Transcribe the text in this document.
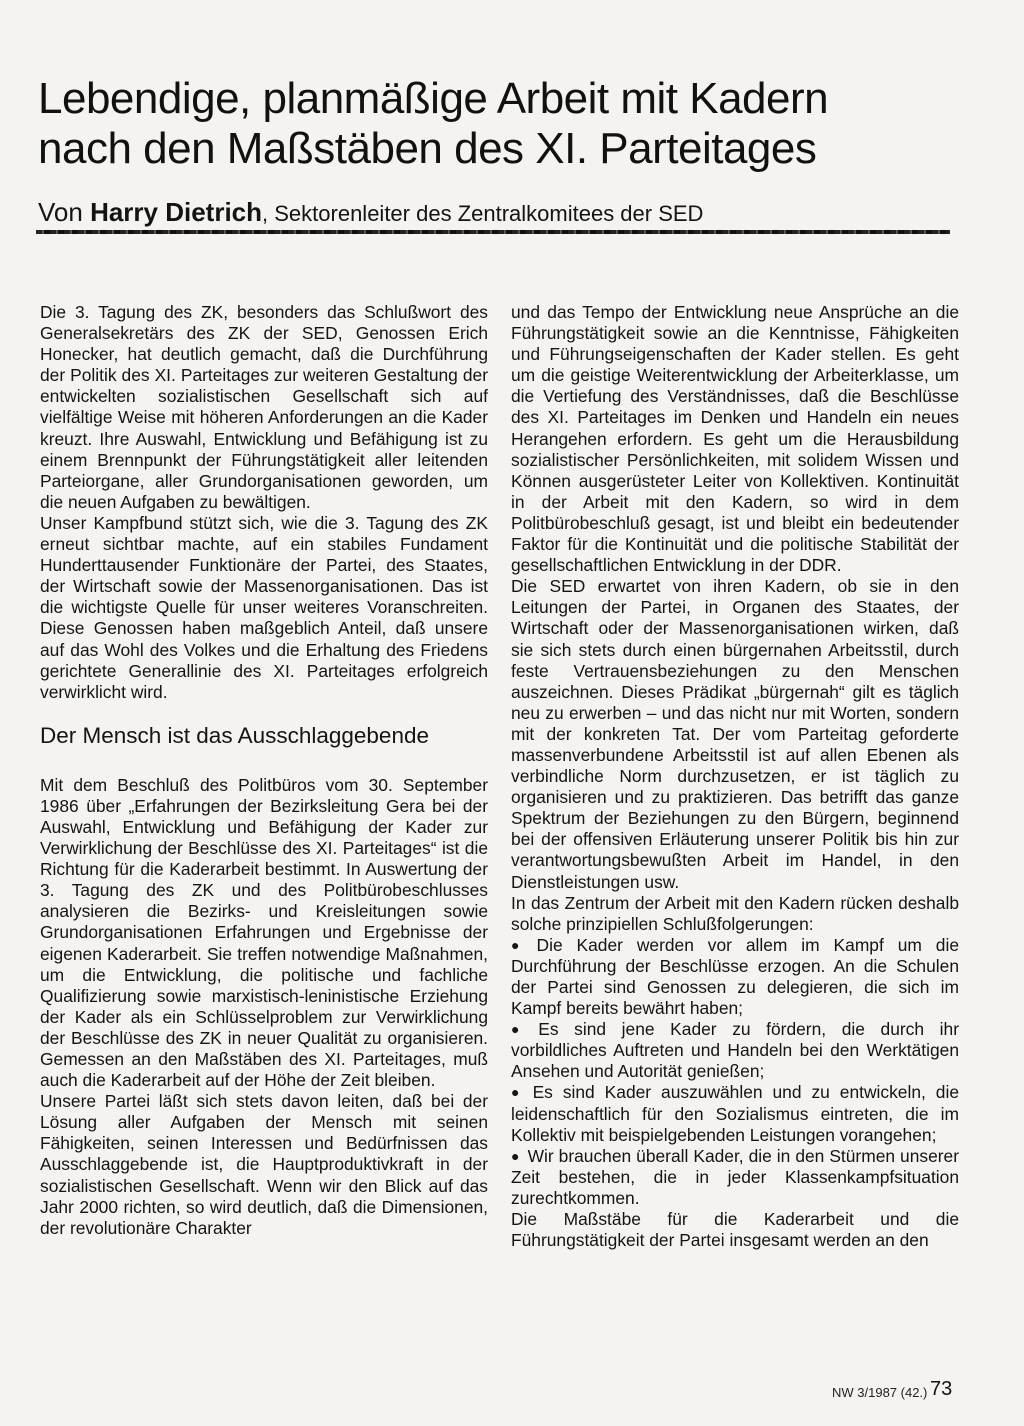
Lebendige, planmäßige Arbeit mit Kadern
nach den Maßstäben des XI. Parteitages
Von Harry Dietrich, Sektorenleiter des Zentralkomitees der SED

Die 3. Tagung des ZK, besonders das Schlußwort des Generalsekretärs des ZK der SED, Genossen Erich Honecker, hat deutlich gemacht, daß die Durchführung der Politik des XI. Parteitages zur weiteren Gestaltung der entwickelten sozialistischen Gesellschaft sich auf vielfältige Weise mit höheren Anforderungen an die Kader kreuzt. Ihre Auswahl, Entwicklung und Befähigung ist zu einem Brennpunkt der Führungstätigkeit aller leitenden Parteiorgane, aller Grundorganisationen geworden, um die neuen Aufgaben zu bewältigen.

Unser Kampfbund stützt sich, wie die 3. Tagung des ZK erneut sichtbar machte, auf ein stabiles Fundament Hunderttausender Funktionäre der Partei, des Staates, der Wirtschaft sowie der Massenorganisationen. Das ist die wichtigste Quelle für unser weiteres Voranschreiten. Diese Genossen haben maßgeblich Anteil, daß unsere auf das Wohl des Volkes und die Erhaltung des Friedens gerichtete Generallinie des XI. Parteitages erfolgreich verwirklicht wird.

Der Mensch ist das Ausschlaggebende

Mit dem Beschluß des Politbüros vom 30. September 1986 über „Erfahrungen der Bezirksleitung Gera bei der Auswahl, Entwicklung und Befähigung der Kader zur Verwirklichung der Beschlüsse des XI. Parteitages“ ist die Richtung für die Kaderarbeit bestimmt. In Auswertung der 3. Tagung des ZK und des Politbürobeschlusses analysieren die Bezirks- und Kreisleitungen sowie Grundorganisationen Erfahrungen und Ergebnisse der eigenen Kaderarbeit. Sie treffen notwendige Maßnahmen, um die Entwicklung, die politische und fachliche Qualifizierung sowie marxistisch-leninistische Erziehung der Kader als ein Schlüsselproblem zur Verwirklichung der Beschlüsse des ZK in neuer Qualität zu organisieren. Gemessen an den Maßstäben des XI. Parteitages, muß auch die Kaderarbeit auf der Höhe der Zeit bleiben.

Unsere Partei läßt sich stets davon leiten, daß bei der Lösung aller Aufgaben der Mensch mit seinen Fähigkeiten, seinen Interessen und Bedürfnissen das Ausschlaggebende ist, die Hauptproduktivkraft in der sozialistischen Gesellschaft. Wenn wir den Blick auf das Jahr 2000 richten, so wird deutlich, daß die Dimensionen, der revolutionäre Charakter

und das Tempo der Entwicklung neue Ansprüche an die Führungstätigkeit sowie an die Kenntnisse, Fähigkeiten und Führungseigenschaften der Kader stellen. Es geht um die geistige Weiterentwicklung der Arbeiterklasse, um die Vertiefung des Verständnisses, daß die Beschlüsse des XI. Parteitages im Denken und Handeln ein neues Herangehen erfordern. Es geht um die Herausbildung sozialistischer Persönlichkeiten, mit solidem Wissen und Können ausgerüsteter Leiter von Kollektiven. Kontinuität in der Arbeit mit den Kadern, so wird in dem Politbürobeschluß gesagt, ist und bleibt ein bedeutender Faktor für die Kontinuität und die politische Stabilität der gesellschaftlichen Entwicklung in der DDR.

Die SED erwartet von ihren Kadern, ob sie in den Leitungen der Partei, in Organen des Staates, der Wirtschaft oder der Massenorganisationen wirken, daß sie sich stets durch einen bürgernahen Arbeitsstil, durch feste Vertrauensbeziehungen zu den Menschen auszeichnen. Dieses Prädikat „bürgernah“ gilt es täglich neu zu erwerben – und das nicht nur mit Worten, sondern mit der konkreten Tat. Der vom Parteitag geforderte massenverbundene Arbeitsstil ist auf allen Ebenen als verbindliche Norm durchzusetzen, er ist täglich zu organisieren und zu praktizieren. Das betrifft das ganze Spektrum der Beziehungen zu den Bürgern, beginnend bei der offensiven Erläuterung unserer Politik bis hin zur verantwortungsbewußten Arbeit im Handel, in den Dienstleistungen usw.

In das Zentrum der Arbeit mit den Kadern rücken deshalb solche prinzipiellen Schlußfolgerungen:

● Die Kader werden vor allem im Kampf um die Durchführung der Beschlüsse erzogen. An die Schulen der Partei sind Genossen zu delegieren, die sich im Kampf bereits bewährt haben;

● Es sind jene Kader zu fördern, die durch ihr vorbildliches Auftreten und Handeln bei den Werktätigen Ansehen und Autorität genießen;

● Es sind Kader auszuwählen und zu entwickeln, die leidenschaftlich für den Sozialismus eintreten, die im Kollektiv mit beispielgebenden Leistungen vorangehen;

● Wir brauchen überall Kader, die in den Stürmen unserer Zeit bestehen, die in jeder Klassenkampfsituation zurechtkommen.

Die Maßstäbe für die Kaderarbeit und die Führungstätigkeit der Partei insgesamt werden an den

NW 3/1987 (42.) 73
